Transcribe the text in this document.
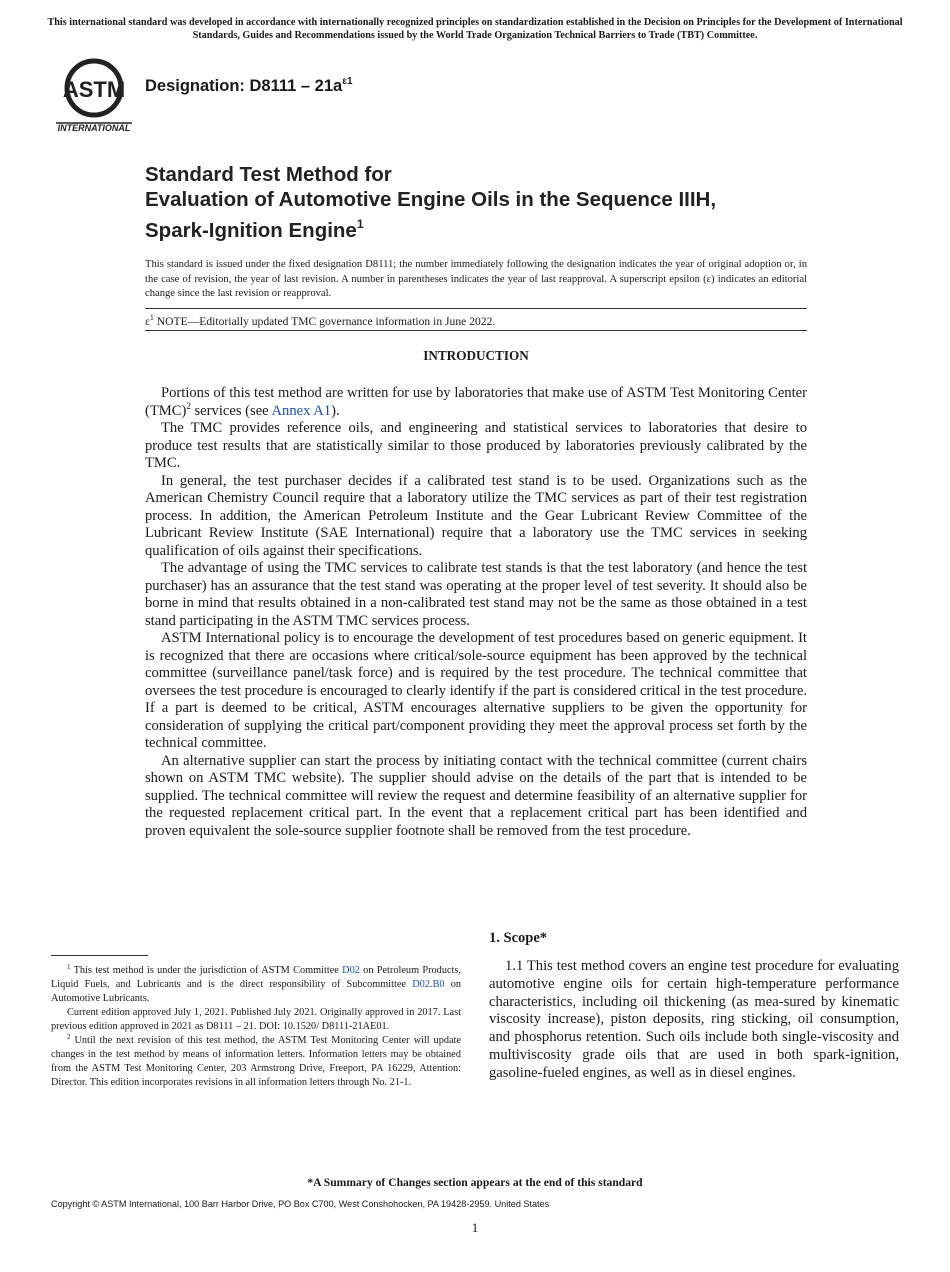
This international standard was developed in accordance with internationally recognized principles on standardization established in the Decision on Principles for the Development of International Standards, Guides and Recommendations issued by the World Trade Organization Technical Barriers to Trade (TBT) Committee.
ASTM
INTERNATIONAL
Designation: $D8111 - 21a^{\varepsilon 1}$
Standard Test Method for
Evaluation of Automotive Engine Oils in the Sequence IIIH,
Spark-Ignition Engine$^1$
This standard is issued under the fixed designation D8111; the number immediately following the designation indicates the year of original adoption or, in the case of revision, the year of last revision. A number in parentheses indicates the year of last reapproval. A superscript epsilon (ε) indicates an editorial change since the last revision or reapproval.
$\varepsilon^1$ NOTE—Editorially updated TMC governance information in June 2022.
INTRODUCTION

Portions of this test method are written for use by laboratories that make use of ASTM Test Monitoring Center (TMC)$^2$ services (see Annex A1).

The TMC provides reference oils, and engineering and statistical services to laboratories that desire to produce test results that are statistically similar to those produced by laboratories previously calibrated by the TMC.

In general, the test purchaser decides if a calibrated test stand is to be used. Organizations such as the American Chemistry Council require that a laboratory utilize the TMC services as part of their test registration process. In addition, the American Petroleum Institute and the Gear Lubricant Review Committee of the Lubricant Review Institute (SAE International) require that a laboratory use the TMC services in seeking qualification of oils against their specifications.

The advantage of using the TMC services to calibrate test stands is that the test laboratory (and hence the test purchaser) has an assurance that the test stand was operating at the proper level of test severity. It should also be borne in mind that results obtained in a non-calibrated test stand may not be the same as those obtained in a test stand participating in the ASTM TMC services process.

ASTM International policy is to encourage the development of test procedures based on generic equipment. It is recognized that there are occasions where critical/sole-source equipment has been approved by the technical committee (surveillance panel/task force) and is required by the test procedure. The technical committee that oversees the test procedure is encouraged to clearly identify if the part is considered critical in the test procedure. If a part is deemed to be critical, ASTM encourages alternative suppliers to be given the opportunity for consideration of supplying the critical part/component providing they meet the approval process set forth by the technical committee.

An alternative supplier can start the process by initiating contact with the technical committee (current chairs shown on ASTM TMC website). The supplier should advise on the details of the part that is intended to be supplied. The technical committee will review the request and determine feasibility of an alternative supplier for the requested replacement critical part. In the event that a replacement critical part has been identified and proven equivalent the sole-source supplier footnote shall be removed from the test procedure.

$^1$ This test method is under the jurisdiction of ASTM Committee D02 on Petroleum Products, Liquid Fuels, and Lubricants and is the direct responsibility of Subcommittee D02.B0 on Automotive Lubricants.

Current edition approved July 1, 2021. Published July 2021. Originally approved in 2017. Last previous edition approved in 2021 as D8111 – 21. DOI: 10.1520/ D8111-21AE01.

$^2$ Until the next revision of this test method, the ASTM Test Monitoring Center will update changes in the test method by means of information letters. Information letters may be obtained from the ASTM Test Monitoring Center, 203 Armstrong Drive, Freeport, PA 16229, Attention: Director. This edition incorporates revisions in all information letters through No. 21-1.

1. Scope*

1.1 This test method covers an engine test procedure for evaluating automotive engine oils for certain high-temperature performance characteristics, including oil thickening (as mea-sured by kinematic viscosity increase), piston deposits, ring sticking, oil consumption, and phosphorus retention. Such oils include both single-viscosity and multiviscosity grade oils that are used in both spark-ignition, gasoline-fueled engines, as well as in diesel engines.

*A Summary of Changes section appears at the end of this standard
Copyright © ASTM International, 100 Barr Harbor Drive, PO Box C700, West Conshohocken, PA 19428-2959. United States
1
